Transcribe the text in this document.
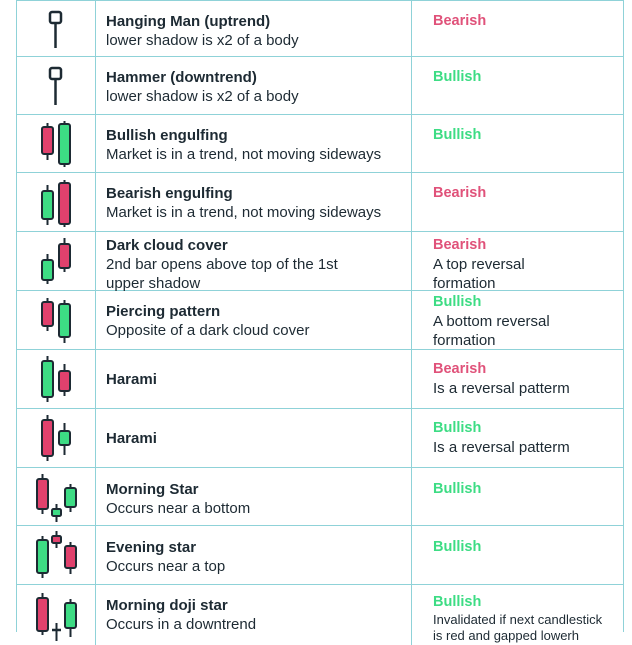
Hanging Man (uptrend)
lower shadow is x2 of a body
Bearish
Hammer (downtrend)
lower shadow is x2 of a body
Bullish
Bullish engulfing
Market is in a trend, not moving sideways
Bullish
Bearish engulfing
Market is in a trend, not moving sideways
Bearish
Dark cloud cover
2nd bar opens above top of the 1st upper shadow
Bearish
A top reversal formation
Piercing pattern
Opposite of a dark cloud cover
Bullish
A bottom reversal formation
Harami
Bearish
Is a reversal patterm
Harami
Bullish
Is a reversal patterm
Morning Star
Occurs near a bottom
Bullish
Evening star
Occurs near a top
Bullish
Morning doji star
Occurs in a downtrend
Bullish
Invalidated if next candlestick is red and gapped lowerh
